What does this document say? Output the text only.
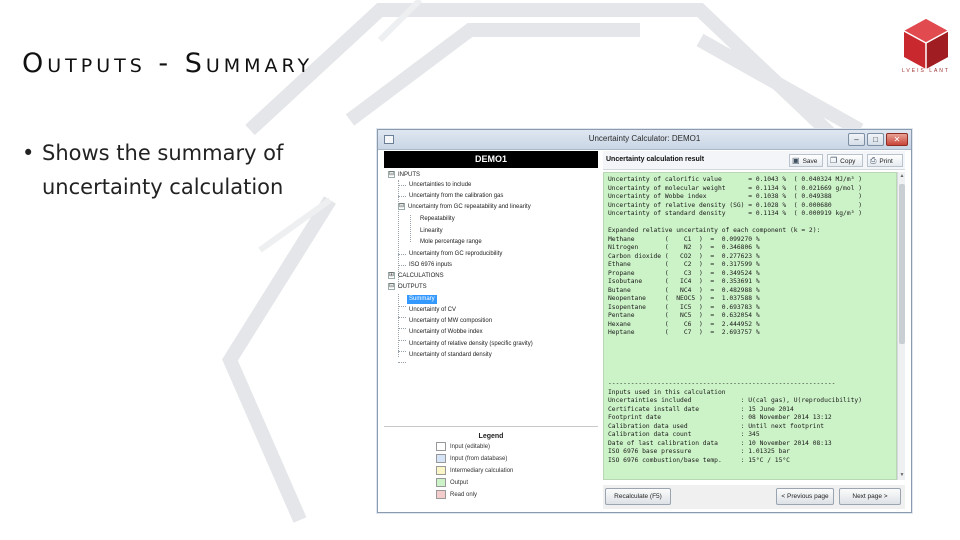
Outputs - Summary	LVEIS LANT
• Shows the summary of uncertainty calculation
Uncertainty Calculator: DEMO1	–	□	✕
DEMO1
⊟ INPUTS
Uncertainties to include
Uncertainty from the calibration gas
⊟ Uncertainty from GC repeatability and linearity
Repeatability
Linearity
Mole percentage range
Uncertainty from GC reproducibility
ISO 6976 inputs
⊞ CALCULATIONS
⊟ OUTPUTS
Summary
Uncertainty of CV
Uncertainty of MW composition
Uncertainty of Wobbe index
Uncertainty of relative density (specific gravity)
Uncertainty of standard density
Legend
Input (editable)
Input (from database)
Intermediary calculation
Output
Read only
Uncertainty calculation result	▣ Save	❐ Copy	⎙ Print
Uncertainty of calorific value       = 0.1043 %  ( 0.040324 MJ/m³ )
Uncertainty of molecular weight      = 0.1134 %  ( 0.021669 g/mol )
Uncertainty of Wobbe index           = 0.1038 %  ( 0.049388       )
Uncertainty of relative density (SG) = 0.1028 %  ( 0.000680       )
Uncertainty of standard density      = 0.1134 %  ( 0.000919 kg/m³ )
Expanded relative uncertainty of each component (k = 2):
Methane        (    C1  )  =  0.099270 %
Nitrogen       (    N2  )  =  0.346806 %
Carbon dioxide (   CO2  )  =  0.277623 %
Ethane         (    C2  )  =  0.317599 %
Propane        (    C3  )  =  0.349524 %
Isobutane      (   IC4  )  =  0.353691 %
Butane         (   NC4  )  =  0.482988 %
Neopentane     (  NEOC5 )  =  1.037588 %
Isopentane     (   IC5  )  =  0.693783 %
Pentane        (   NC5  )  =  0.632054 %
Hexane         (    C6  )  =  2.444952 %
Heptane        (    C7  )  =  2.693757 %
------------------------------------------------------------
Inputs used in this calculation
Uncertainties included             : U(cal gas), U(reproducibility)
Certificate install date           : 15 June 2014
Footprint date                     : 08 November 2014 13:12
Calibration data used              : Until next footprint
Calibration data count             : 345
Date of last calibration data      : 10 November 2014 08:13
ISO 6976 base pressure             : 1.01325 bar
ISO 6976 combustion/base temp.     : 15°C / 15°C
▲
▼
Recalculate (F5)	< Previous page	Next page >
